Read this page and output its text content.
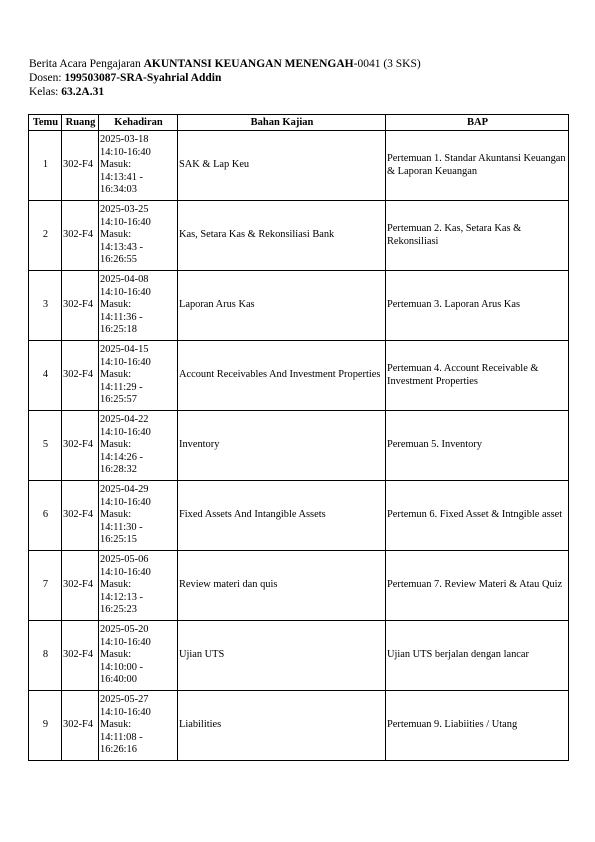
Berita Acara Pengajaran AKUNTANSI KEUANGAN MENENGAH-0041 (3 SKS)
Dosen: 199503087-SRA-Syahrial Addin
Kelas: 63.2A.31
Temu	Ruang	Kehadiran	Bahan Kajian	BAP
1	302-F4	2025-03-18
14:10-16:40
Masuk:
14:13:41 -
16:34:03	SAK & Lap Keu	Pertemuan 1. Standar Akuntansi Keuangan & Laporan Keuangan
2	302-F4	2025-03-25
14:10-16:40
Masuk:
14:13:43 -
16:26:55	Kas, Setara Kas & Rekonsiliasi Bank	Pertemuan 2. Kas, Setara Kas & Rekonsiliasi
3	302-F4	2025-04-08
14:10-16:40
Masuk:
14:11:36 -
16:25:18	Laporan Arus Kas	Pertemuan 3. Laporan Arus Kas
4	302-F4	2025-04-15
14:10-16:40
Masuk:
14:11:29 -
16:25:57	Account Receivables And Investment Properties	Pertemuan 4. Account Receivable & Investment Properties
5	302-F4	2025-04-22
14:10-16:40
Masuk:
14:14:26 -
16:28:32	Inventory	Peremuan 5. Inventory
6	302-F4	2025-04-29
14:10-16:40
Masuk:
14:11:30 -
16:25:15	Fixed Assets And Intangible Assets	Pertemun 6. Fixed Asset & Intngible asset
7	302-F4	2025-05-06
14:10-16:40
Masuk:
14:12:13 -
16:25:23	Review materi dan quis	Pertemuan 7. Review Materi & Atau Quiz
8	302-F4	2025-05-20
14:10-16:40
Masuk:
14:10:00 -
16:40:00	Ujian UTS	Ujian UTS berjalan dengan lancar
9	302-F4	2025-05-27
14:10-16:40
Masuk:
14:11:08 -
16:26:16	Liabilities	Pertemuan 9. Liabiities / Utang
